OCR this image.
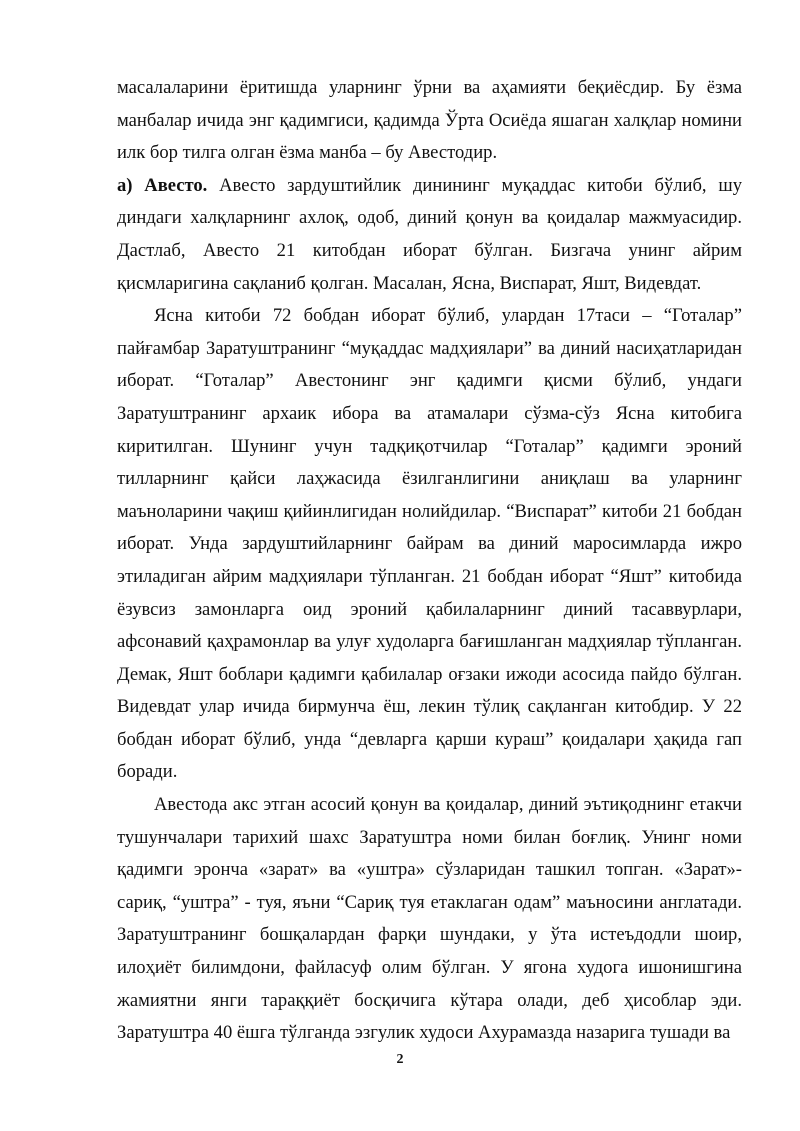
масалаларини ёритишда уларнинг ўрни ва аҳамияти беқиёсдир. Бу ёзма манбалар ичида энг қадимгиси, қадимда Ўрта Осиёда яшаган халқлар номини илк бор тилга олган ёзма манба – бу Авестодир.

а) Авесто. Авесто зардуштийлик динининг муқаддас китоби бўлиб, шу диндаги халқларнинг ахлоқ, одоб, диний қонун ва қоидалар мажмуасидир. Дастлаб, Авесто 21 китобдан иборат бўлган. Бизгача унинг айрим қисмларигина сақланиб қолган. Масалан, Ясна, Виспарат, Яшт, Видевдат.

Ясна китоби 72 бобдан иборат бўлиб, улардан 17таси – “Готалар” пайғамбар Заратуштранинг “муқаддас мадҳиялари” ва диний насиҳатларидан иборат. “Готалар” Авестонинг энг қадимги қисми бўлиб, ундаги Заратуштранинг архаик ибора ва атамалари сўзма-сўз Ясна китобига киритилган. Шунинг учун тадқиқотчилар “Готалар” қадимги эроний тилларнинг қайси лаҳжасида ёзилганлигини аниқлаш ва уларнинг маъноларини чақиш қийинлигидан нолийдилар. “Виспарат” китоби 21 бобдан иборат. Унда зардуштийларнинг байрам ва диний маросимларда ижро этиладиган айрим мадҳиялари тўпланган. 21 бобдан иборат “Яшт” китобида ёзувсиз замонларга оид эроний қабилаларнинг диний тасаввурлари, афсонавий қаҳрамонлар ва улуғ худоларга бағишланган мадҳиялар тўпланган. Демак, Яшт боблари қадимги қабилалар оғзаки ижоди асосида пайдо бўлган. Видевдат улар ичида бирмунча ёш, лекин тўлиқ сақланган китобдир. У 22 бобдан иборат бўлиб, унда “девларга қарши кураш” қоидалари ҳақида гап боради.

Авестода акс этган асосий қонун ва қоидалар, диний эътиқоднинг етакчи тушунчалари тарихий шахс Заратуштра номи билан боғлиқ. Унинг номи қадимги эронча «зарат» ва «уштра» сўзларидан ташкил топган. «Зарат»- сариқ, “уштра” - туя, яъни “Сариқ туя етаклаган одам” маъносини англатади. Заратуштранинг бошқалардан фарқи шундаки, у ўта истеъдодли шоир, илоҳиёт билимдони, файласуф олим бўлган. У ягона худога ишонишгина жамиятни янги тараққиёт босқичига кўтара олади, деб ҳисоблар эди. Заратуштра 40 ёшга тўлганда эзгулик худоси Ахурамазда назарига тушади ва

2
